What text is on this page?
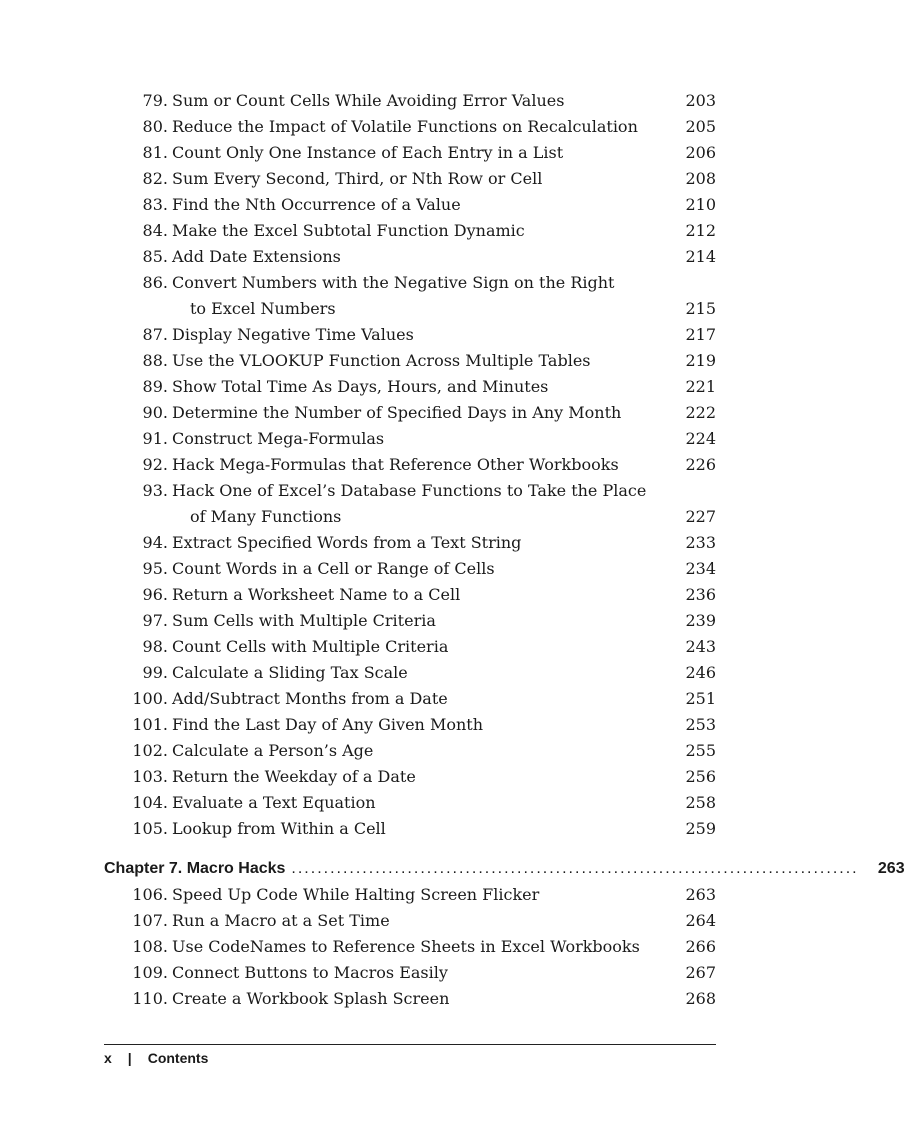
79. Sum or Count Cells While Avoiding Error Values	203
80. Reduce the Impact of Volatile Functions on Recalculation	205
81. Count Only One Instance of Each Entry in a List	206
82. Sum Every Second, Third, or Nth Row or Cell	208
83. Find the Nth Occurrence of a Value	210
84. Make the Excel Subtotal Function Dynamic	212
85. Add Date Extensions	214
86. Convert Numbers with the Negative Sign on the Right
to Excel Numbers	215
87. Display Negative Time Values	217
88. Use the VLOOKUP Function Across Multiple Tables	219
89. Show Total Time As Days, Hours, and Minutes	221
90. Determine the Number of Specified Days in Any Month	222
91. Construct Mega-Formulas	224
92. Hack Mega-Formulas that Reference Other Workbooks	226
93. Hack One of Excel’s Database Functions to Take the Place
of Many Functions	227
94. Extract Specified Words from a Text String	233
95. Count Words in a Cell or Range of Cells	234
96. Return a Worksheet Name to a Cell	236
97. Sum Cells with Multiple Criteria	239
98. Count Cells with Multiple Criteria	243
99. Calculate a Sliding Tax Scale	246
100. Add/Subtract Months from a Date	251
101. Find the Last Day of Any Given Month	253
102. Calculate a Person’s Age	255
103. Return the Weekday of a Date	256
104. Evaluate a Text Equation	258
105. Lookup from Within a Cell	259
Chapter 7. Macro Hacks ........................................................................................	263
106. Speed Up Code While Halting Screen Flicker	263
107. Run a Macro at a Set Time	264
108. Use CodeNames to Reference Sheets in Excel Workbooks	266
109. Connect Buttons to Macros Easily	267
110. Create a Workbook Splash Screen	268
x | Contents
